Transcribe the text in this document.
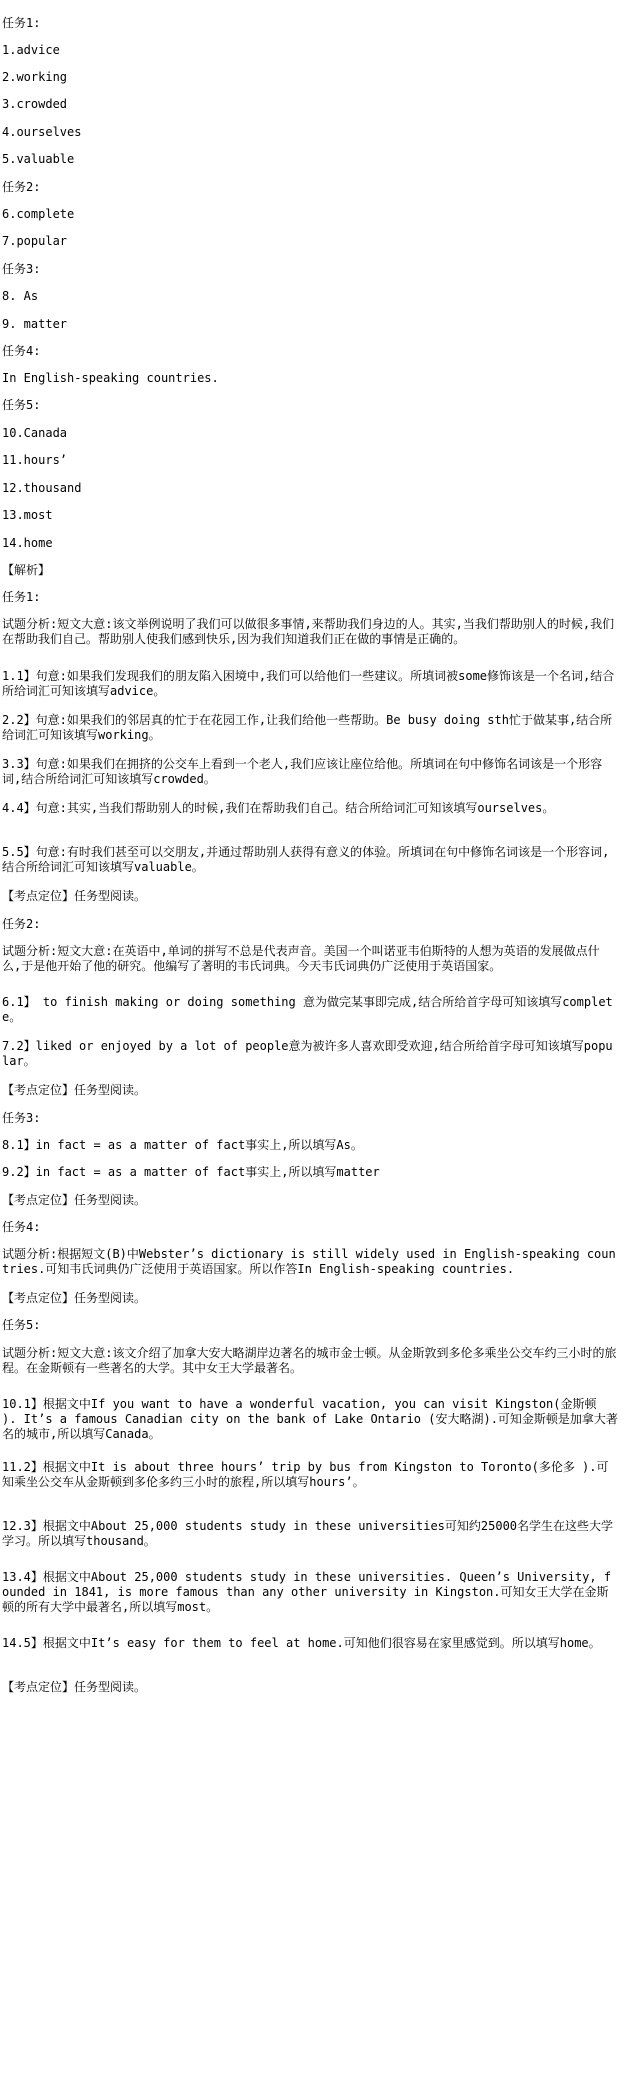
任务1:
1.advice
2.working
3.crowded
4.ourselves
5.valuable
任务2:
6.complete
7.popular
任务3:
8. As
9. matter
任务4:
In English-speaking countries.
任务5:
10.Canada
11.hours’
12.thousand
13.most
14.home
【解析】
任务1:
试题分析:短文大意:该文举例说明了我们可以做很多事情,来帮助我们身边的人。其实,当我们帮助别人的时候,我们在帮助我们自己。帮助别人使我们感到快乐,因为我们知道我们正在做的事情是正确的。
1.1】句意:如果我们发现我们的朋友陷入困境中,我们可以给他们一些建议。所填词被some修饰该是一个名词,结合所给词汇可知该填写advice。
2.2】句意:如果我们的邻居真的忙于在花园工作,让我们给他一些帮助。Be busy doing sth忙于做某事,结合所给词汇可知该填写working。
3.3】句意:如果我们在拥挤的公交车上看到一个老人,我们应该让座位给他。所填词在句中修饰名词该是一个形容词,结合所给词汇可知该填写crowded。
4.4】句意:其实,当我们帮助别人的时候,我们在帮助我们自己。结合所给词汇可知该填写ourselves。
5.5】句意:有时我们甚至可以交朋友,并通过帮助别人获得有意义的体验。所填词在句中修饰名词该是一个形容词,结合所给词汇可知该填写valuable。
【考点定位】任务型阅读。
任务2:
试题分析:短文大意:在英语中,单词的拼写不总是代表声音。美国一个叫诺亚韦伯斯特的人想为英语的发展做点什么,于是他开始了他的研究。他编写了著明的韦氏词典。今天韦氏词典仍广泛使用于英语国家。
6.1】 to finish making or doing something 意为做完某事即完成,结合所给首字母可知该填写complete。
7.2】liked or enjoyed by a lot of people意为被许多人喜欢即受欢迎,结合所给首字母可知该填写popular。
【考点定位】任务型阅读。
任务3:
8.1】in fact = as a matter of fact事实上,所以填写As。
9.2】in fact = as a matter of fact事实上,所以填写matter
【考点定位】任务型阅读。
任务4:
试题分析:根据短文(B)中Webster’s dictionary is still widely used in English-speaking countries.可知韦氏词典仍广泛使用于英语国家。所以作答In English-speaking countries.
【考点定位】任务型阅读。
任务5:
试题分析:短文大意:该文介绍了加拿大安大略湖岸边著名的城市金士顿。从金斯敦到多伦多乘坐公交车约三小时的旅程。在金斯顿有一些著名的大学。其中女王大学最著名。
10.1】根据文中If you want to have a wonderful vacation, you can visit Kingston(金斯顿 ). It’s a famous Canadian city on the bank of Lake Ontario (安大略湖).可知金斯顿是加拿大著名的城市,所以填写Canada。
11.2】根据文中It is about three hours’ trip by bus from Kingston to Toronto(多伦多 ).可知乘坐公交车从金斯顿到多伦多约三小时的旅程,所以填写hours’。
12.3】根据文中About 25,000 students study in these universities可知约25000名学生在这些大学学习。所以填写thousand。
13.4】根据文中About 25,000 students study in these universities. Queen’s University, founded in 1841, is more famous than any other university in Kingston.可知女王大学在金斯顿的所有大学中最著名,所以填写most。
14.5】根据文中It’s easy for them to feel at home.可知他们很容易在家里感觉到。所以填写home。
【考点定位】任务型阅读。
